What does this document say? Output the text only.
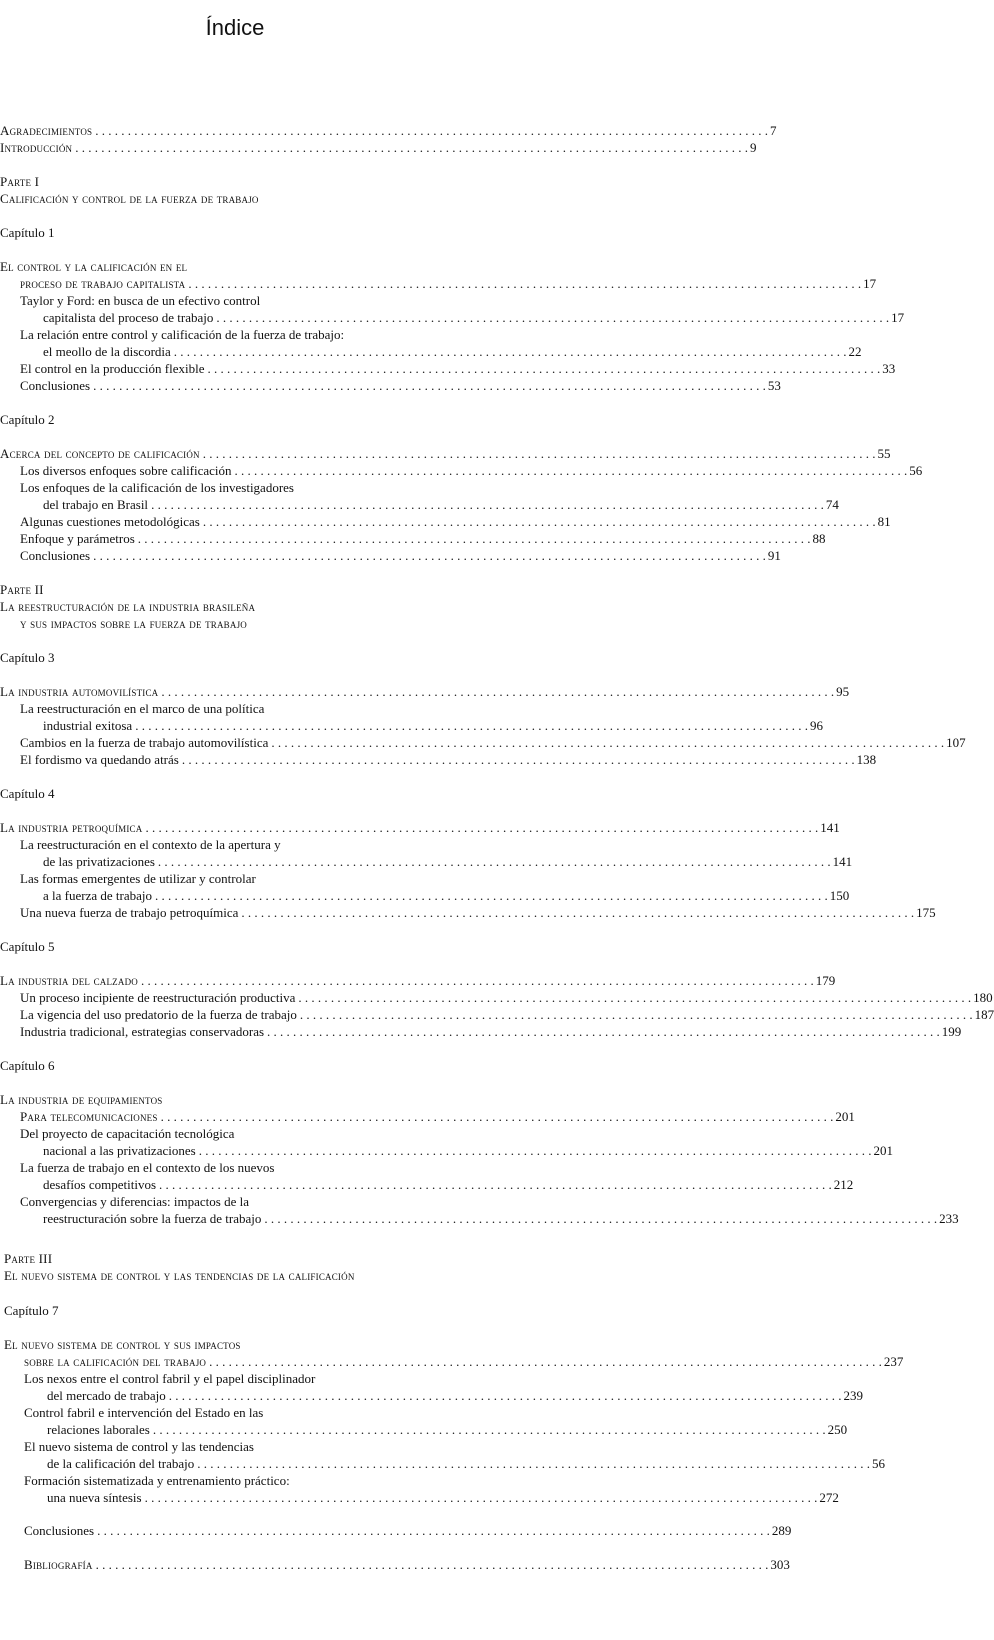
Índice
Agradecimientos . . .	7
Introducción . . .	9
Parte I
Calificación y control de la fuerza de trabajo
Capítulo 1
El control y la calificación en el
proceso de trabajo capitalista . . .	17
Taylor y Ford: en busca de un efectivo control
capitalista del proceso de trabajo . . .	17
La relación entre control y calificación de la fuerza de trabajo:
el meollo de la discordia . . .	22
El control en la producción flexible . . .	33
Conclusiones . . .	53
Capítulo 2
Acerca del concepto de calificación . . .	55
Los diversos enfoques sobre calificación . . .	56
Los enfoques de la calificación de los investigadores
del trabajo en Brasil . . .	74
Algunas cuestiones metodológicas . . .	81
Enfoque y parámetros . . .	88
Conclusiones . . .	91
Parte II
La reestructuración de la industria brasileña
y sus impactos sobre la fuerza de trabajo
Capítulo 3
La industria automovilística . . .	95
La reestructuración en el marco de una política
industrial exitosa . . .	96
Cambios en la fuerza de trabajo automovilística . . .	107
El fordismo va quedando atrás . . .	138
Capítulo 4
La industria petroquímica . . .	141
La reestructuración en el contexto de la apertura y
de las privatizaciones . . .	141
Las formas emergentes de utilizar y controlar
a la fuerza de trabajo . . .	150
Una nueva fuerza de trabajo petroquímica . . .	175
Capítulo 5
La industria del calzado . . .	179
Un proceso incipiente de reestructuración productiva . . .	180
La vigencia del uso predatorio de la fuerza de trabajo . . .	187
Industria tradicional, estrategias conservadoras . . .	199
Capítulo 6
La industria de equipamientos
Para telecomunicaciones . . .	201
Del proyecto de capacitación tecnológica
nacional a las privatizaciones . . .	201
La fuerza de trabajo en el contexto de los nuevos
desafíos competitivos . . .	212
Convergencias y diferencias: impactos de la
reestructuración sobre la fuerza de trabajo . . .	233
Parte III
El nuevo sistema de control y las tendencias de la calificación
Capítulo 7
El nuevo sistema de control y sus impactos
sobre la calificación del trabajo . . .	237
Los nexos entre el control fabril y el papel disciplinador
del mercado de trabajo . . .	239
Control fabril e intervención del Estado en las
relaciones laborales . . .	250
El nuevo sistema de control y las tendencias
de la calificación del trabajo . . .	56
Formación sistematizada y entrenamiento práctico:
una nueva síntesis . . .	272
Conclusiones . . .	289
Bibliografía . . .	303
